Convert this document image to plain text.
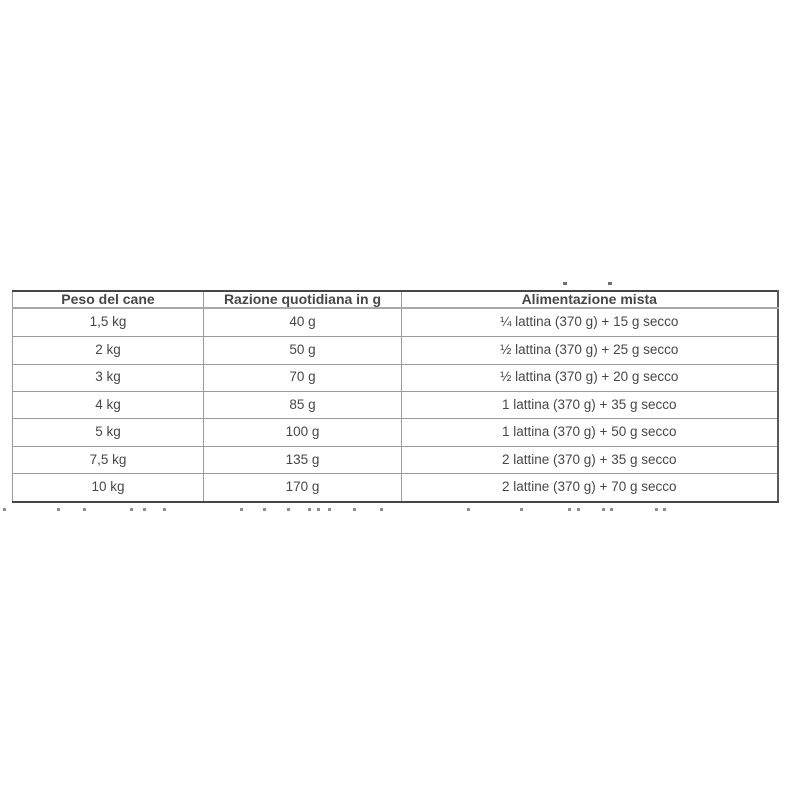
Peso del cane	Razione quotidiana in g	Alimentazione mista
1,5 kg	40 g	¼ lattina (370 g) + 15 g secco
2 kg	50 g	½ lattina (370 g) + 25 g secco
3 kg	70 g	½ lattina (370 g) + 20 g secco
4 kg	85 g	1 lattina (370 g) + 35 g secco
5 kg	100 g	1 lattina (370 g) + 50 g secco
7,5 kg	135 g	2 lattine (370 g) + 35 g secco
10 kg	170 g	2 lattine (370 g) + 70 g secco
